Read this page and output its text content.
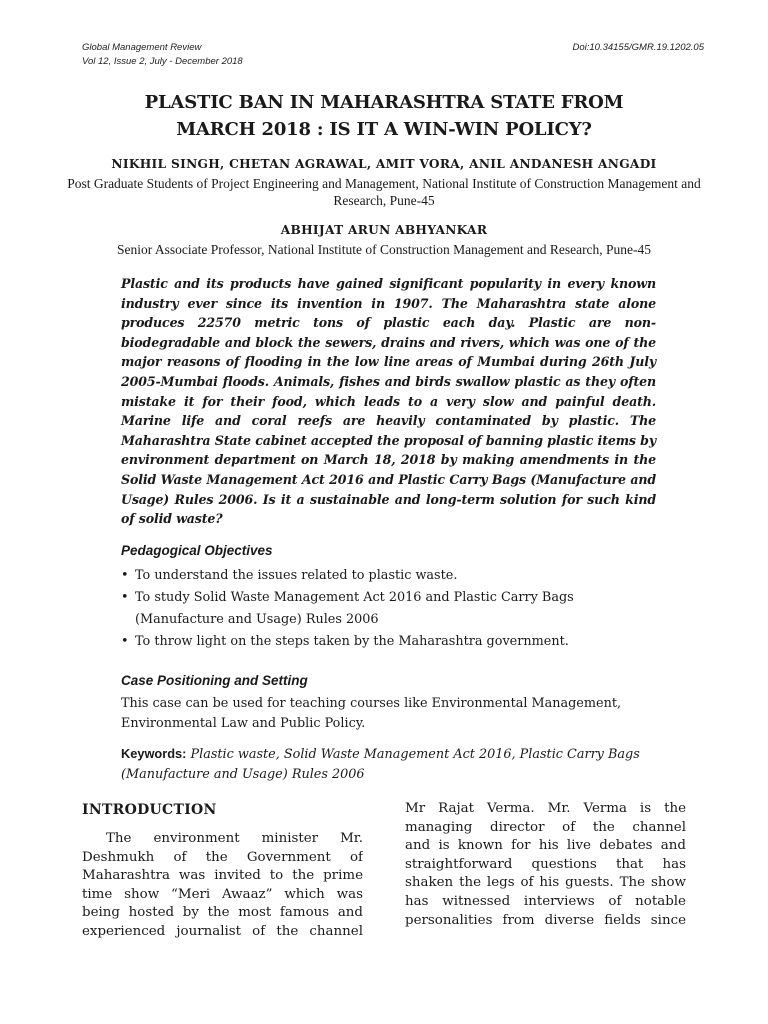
Global Management Review
Vol 12, Issue 2, July - December 2018
Doi:10.34155/GMR.19.1202.05
PLASTIC BAN IN MAHARASHTRA STATE FROM
MARCH 2018 : IS IT A WIN-WIN POLICY?
NIKHIL SINGH, CHETAN AGRAWAL, AMIT VORA, ANIL ANDANESH ANGADI
Post Graduate Students of Project Engineering and Management, National Institute of Construction Management and Research, Pune-45
ABHIJAT ARUN ABHYANKAR
Senior Associate Professor, National Institute of Construction Management and Research, Pune-45
Plastic and its products have gained significant popularity in every known industry ever since its invention in 1907. The Maharashtra state alone produces 22570 metric tons of plastic each day. Plastic are non-biodegradable and block the sewers, drains and rivers, which was one of the major reasons of flooding in the low line areas of Mumbai during 26th July 2005-Mumbai floods. Animals, fishes and birds swallow plastic as they often mistake it for their food, which leads to a very slow and painful death. Marine life and coral reefs are heavily contaminated by plastic. The Maharashtra State cabinet accepted the proposal of banning plastic items by environment department on March 18, 2018 by making amendments in the Solid Waste Management Act 2016 and Plastic Carry Bags (Manufacture and Usage) Rules 2006. Is it a sustainable and long-term solution for such kind of solid waste?
Pedagogical Objectives
• To understand the issues related to plastic waste.
• To study Solid Waste Management Act 2016 and Plastic Carry Bags (Manufacture and Usage) Rules 2006
• To throw light on the steps taken by the Maharashtra government.
Case Positioning and Setting
This case can be used for teaching courses like Environmental Management, Environmental Law and Public Policy.
Keywords: Plastic waste, Solid Waste Management Act 2016, Plastic Carry Bags (Manufacture and Usage) Rules 2006
INTRODUCTION
The environment minister Mr.
Deshmukh of the Government of
Maharashtra was invited to the prime
time show “Meri Awaaz” which was
being hosted by the most famous and
experienced journalist of the channel
Mr Rajat Verma. Mr. Verma is the
managing director of the channel
and is known for his live debates and
straightforward questions that has
shaken the legs of his guests. The show
has witnessed interviews of notable
personalities from diverse fields since
